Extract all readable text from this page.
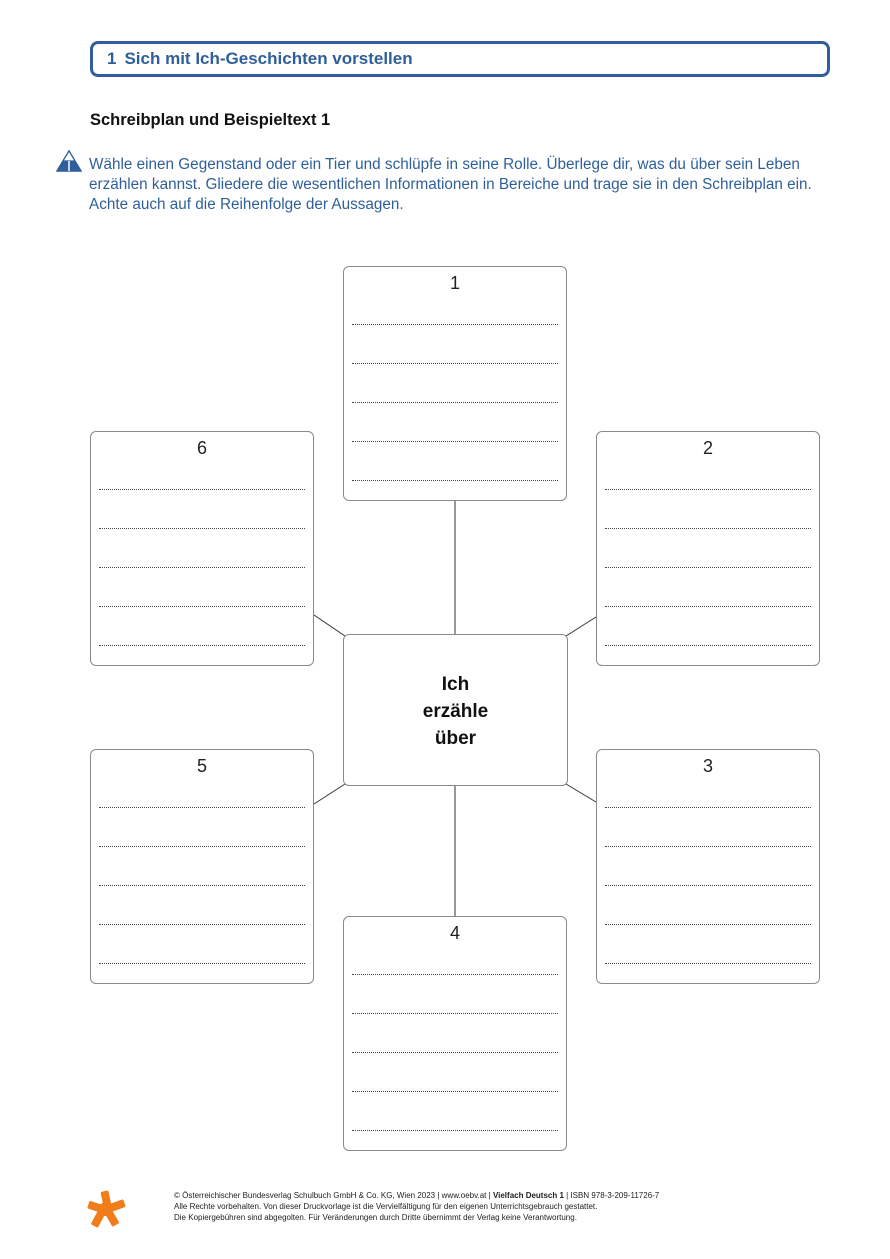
1 Sich mit Ich-Geschichten vorstellen
Schreibplan und Beispieltext 1
Wähle einen Gegenstand oder ein Tier und schlüpfe in seine Rolle. Überlege dir, was du über sein Leben erzählen kannst. Gliedere die wesentlichen Informationen in Bereiche und trage sie in den Schreibplan ein. Achte auch auf die Reihenfolge der Aussagen.
1
6	2
Ich
erzähle
über
5	3
4
© Österreichischer Bundesverlag Schulbuch GmbH & Co. KG, Wien 2023 | www.oebv.at | Vielfach Deutsch 1 | ISBN 978-3-209-11726-7
Alle Rechte vorbehalten. Von dieser Druckvorlage ist die Vervielfältigung für den eigenen Unterrichtsgebrauch gestattet.
Die Kopiergebühren sind abgegolten. Für Veränderungen durch Dritte übernimmt der Verlag keine Verantwortung.
